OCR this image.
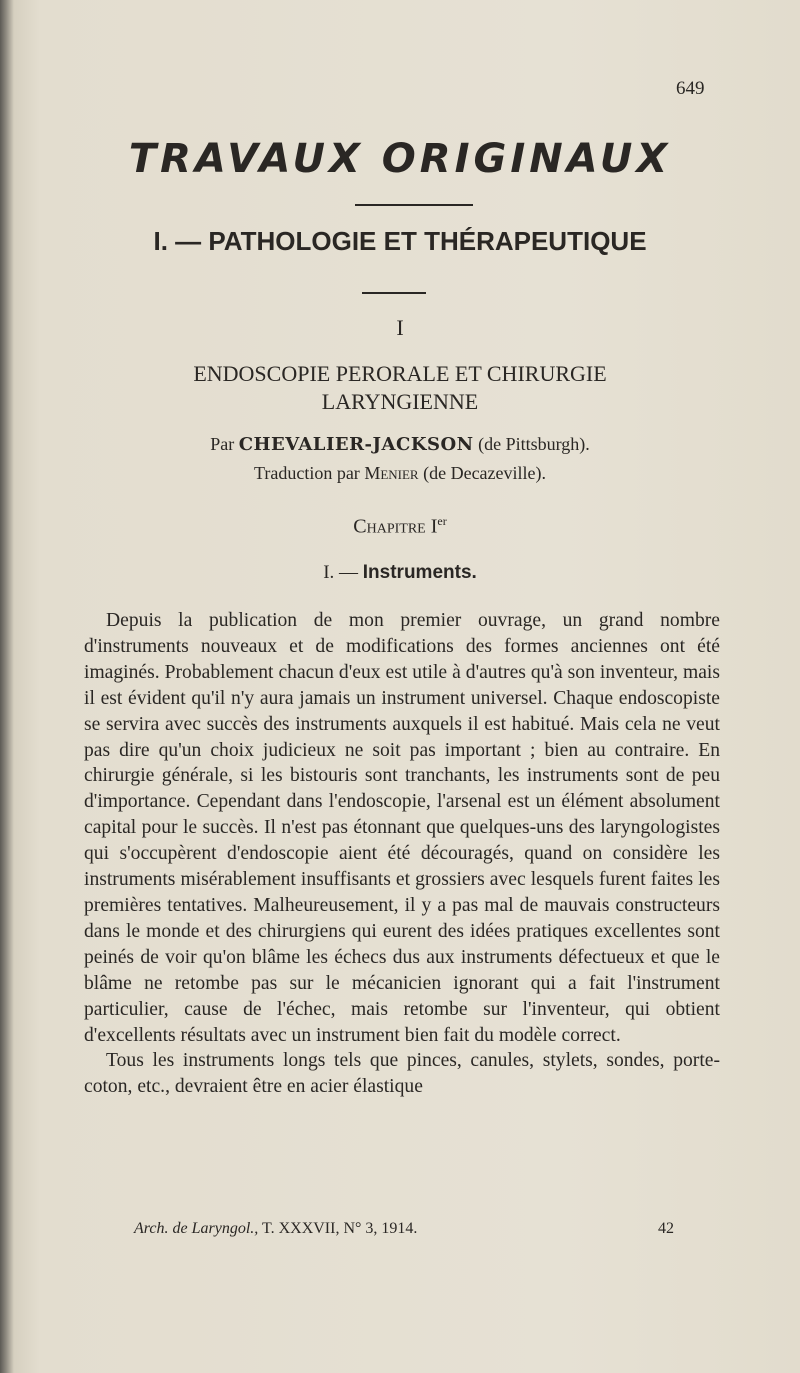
649
TRAVAUX ORIGINAUX
I. — PATHOLOGIE ET THÉRAPEUTIQUE
I
ENDOSCOPIE PERORALE ET CHIRURGIE
LARYNGIENNE
Par CHEVALIER-JACKSON (de Pittsburgh).
Traduction par Menier (de Decazeville).
Chapitre Ier
I. — Instruments.

Depuis la publication de mon premier ouvrage, un grand nombre d'instruments nouveaux et de modifications des formes anciennes ont été imaginés. Probablement chacun d'eux est utile à d'autres qu'à son inventeur, mais il est évident qu'il n'y aura jamais un instrument universel. Chaque endoscopiste se servira avec succès des instruments auxquels il est habitué. Mais cela ne veut pas dire qu'un choix judicieux ne soit pas important ; bien au contraire. En chirurgie générale, si les bistouris sont tranchants, les instruments sont de peu d'importance. Cependant dans l'endoscopie, l'arsenal est un élément absolument capital pour le succès. Il n'est pas étonnant que quelques-uns des laryngologistes qui s'occupèrent d'endoscopie aient été découragés, quand on considère les instruments misérablement insuffisants et grossiers avec lesquels furent faites les premières tentatives. Malheureusement, il y a pas mal de mauvais constructeurs dans le monde et des chirurgiens qui eurent des idées pratiques excellentes sont peinés de voir qu'on blâme les échecs dus aux instruments défectueux et que le blâme ne retombe pas sur le mécanicien ignorant qui a fait l'instrument particulier, cause de l'échec, mais retombe sur l'inventeur, qui obtient d'excellents résultats avec un instrument bien fait du modèle correct.

Tous les instruments longs tels que pinces, canules, stylets, sondes, porte-coton, etc., devraient être en acier élastique

Arch. de Laryngol., T. XXXVII, N° 3, 1914.	42
